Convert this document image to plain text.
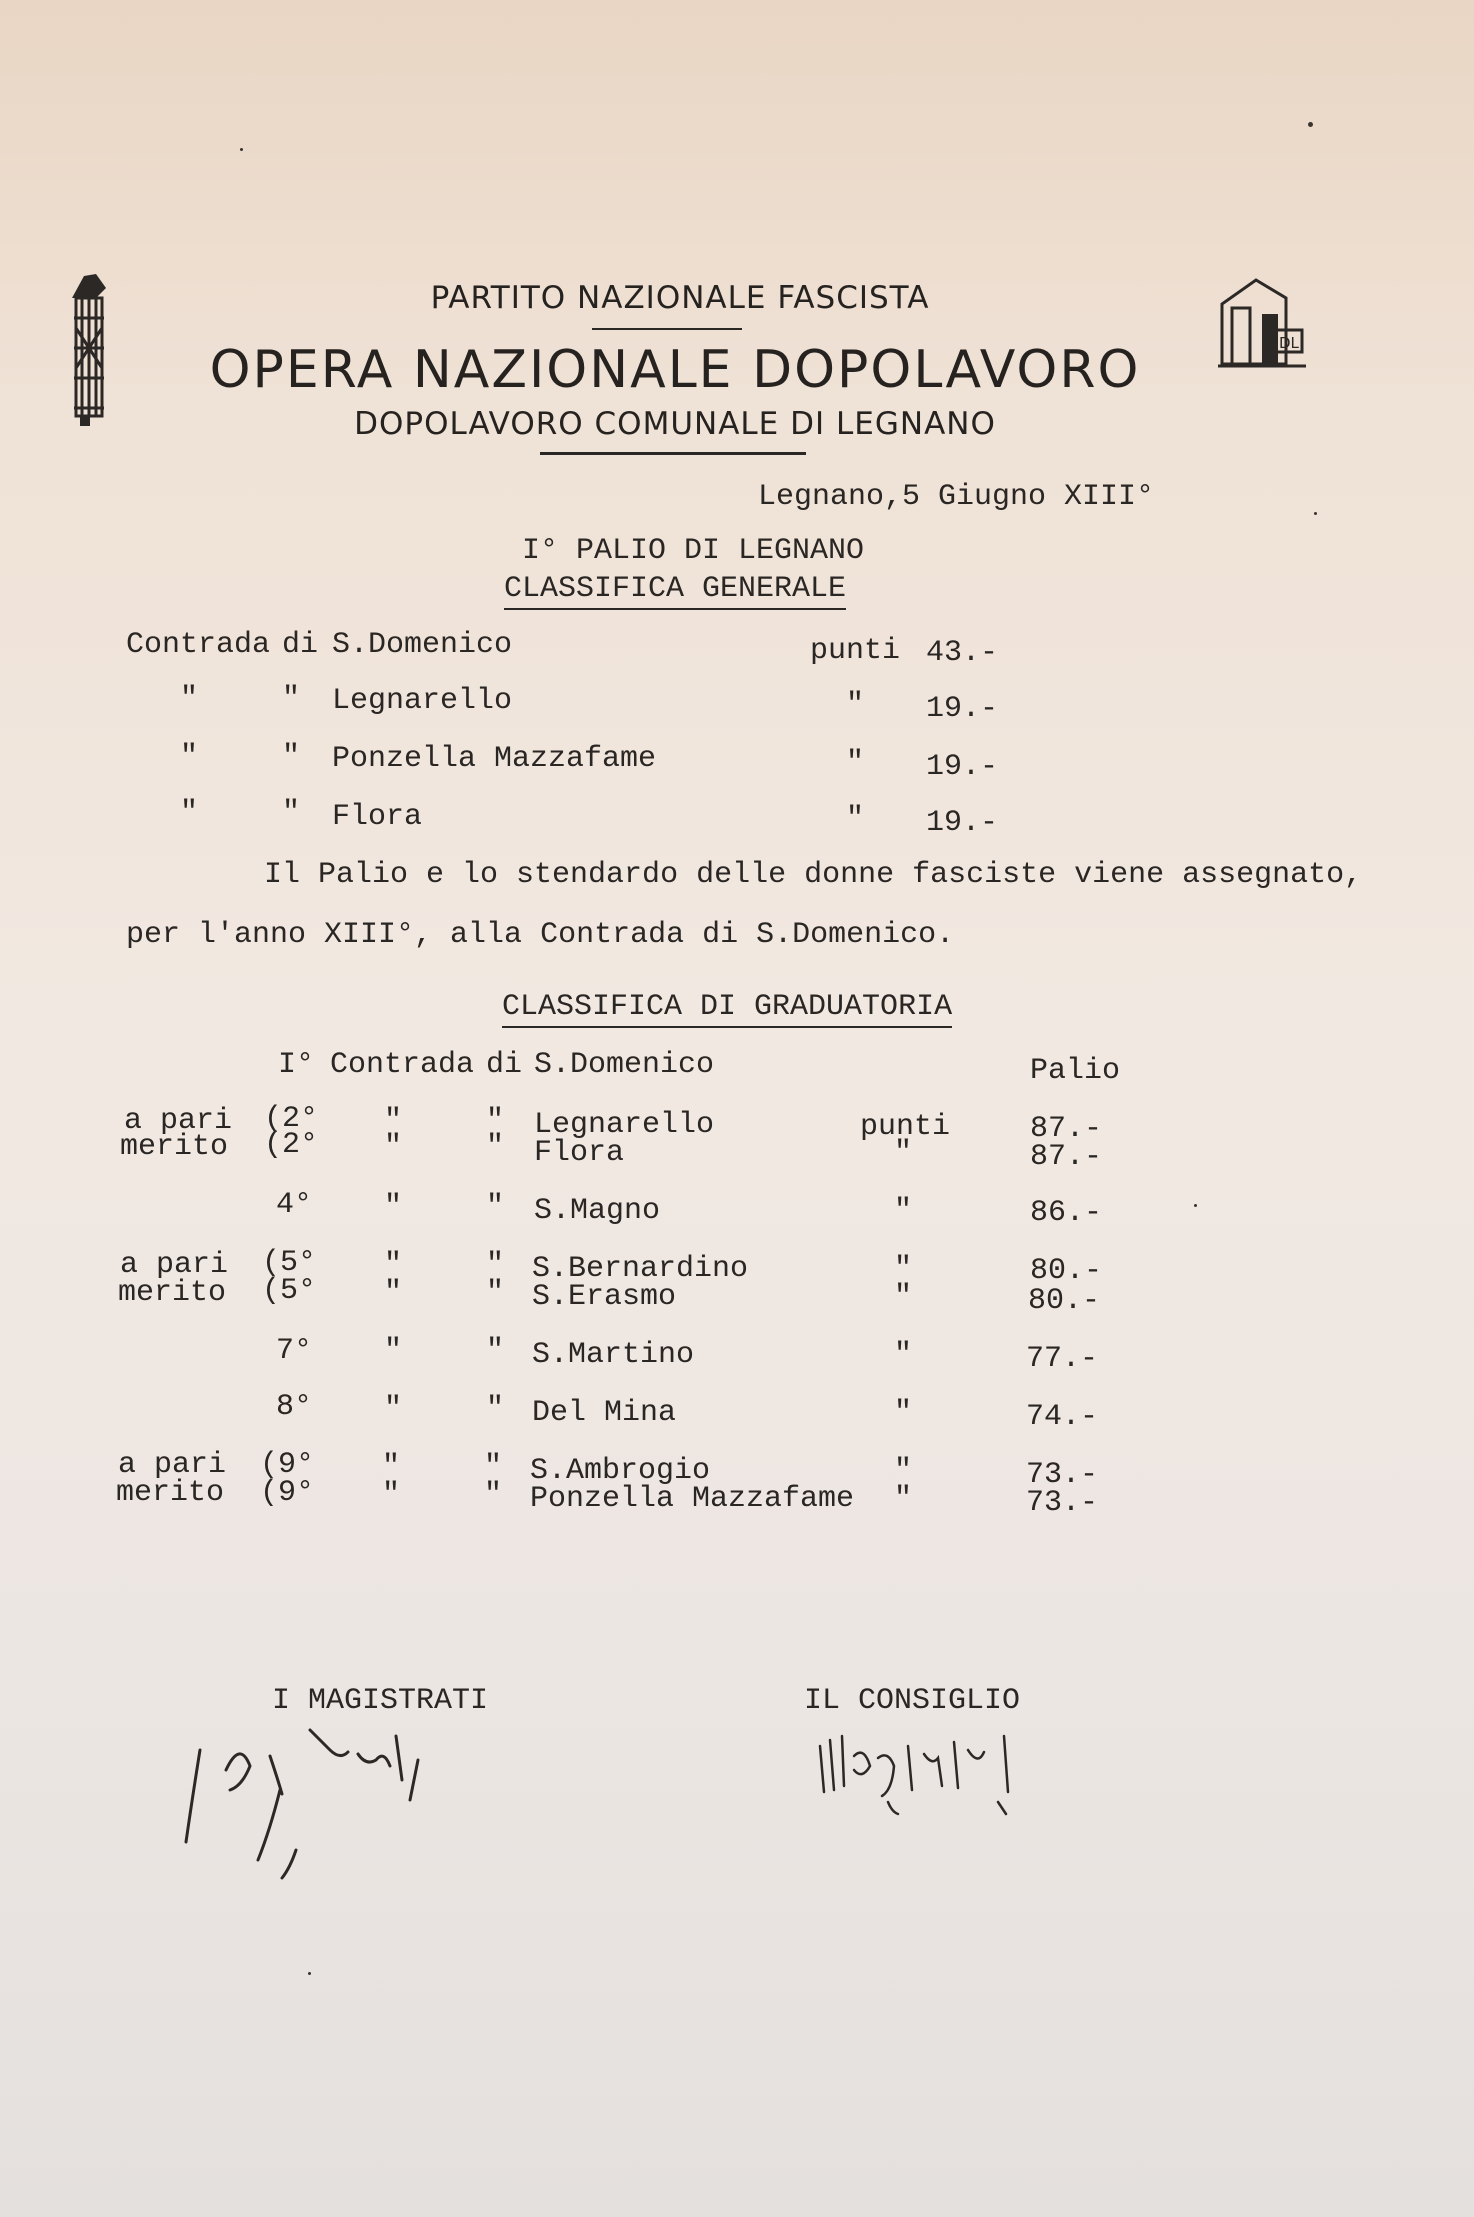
DL
PARTITO NAZIONALE FASCISTA
OPERA NAZIONALE DOPOLAVORO
DOPOLAVORO COMUNALE DI LEGNANO
Legnano,5 Giugno XIII°
I° PALIO DI LEGNANO
CLASSIFICA GENERALE
Contrada di S.Domenico	punti 43.-
"	" Legnarello	" 19.-
"	" Ponzella Mazzafame	" 19.-
"	" Flora	" 19.-
Il Palio e lo stendardo delle donne fasciste viene assegnato,
per l'anno XIII°, alla Contrada di S.Domenico.
CLASSIFICA DI GRADUATORIA
I° Contrada di S.Domenico	Palio
a pari (2° "	" Legnarello	punti	87.-
merito (2° "	" Flora	"	87.-
4° "	" S.Magno	"	86.-
a pari (5° "	" S.Bernardino	"	80.-
merito (5° "	" S.Erasmo	"	80.-
7° "	" S.Martino	"	77.-
8° "	" Del Mina	"	74.-
a pari (9° "	" S.Ambrogio	"	73.-
merito (9° "	" Ponzella Mazzafame "	73.-
I MAGISTRATI	IL CONSIGLIO
